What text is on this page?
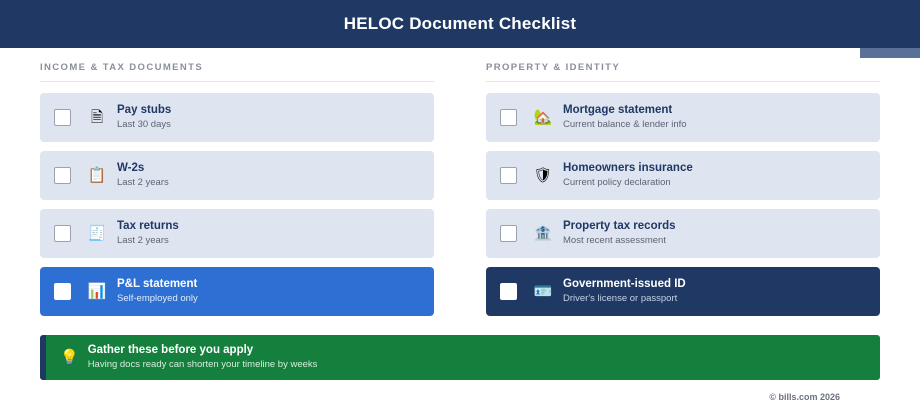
HELOC Document Checklist
INCOME & TAX DOCUMENTS
🗎	Pay stubs
Last 30 days
📋 W-2s
Last 2 years
🧾 Tax returns
Last 2 years
📊 P&L statement
Self-employed only
PROPERTY & IDENTITY
🏡 Mortgage statement
Current balance & lender info
🛡 Homeowners insurance
Current policy declaration
🏦 Property tax records
Most recent assessment
🪪 Government-issued ID
Driver's license or passport
💡 Gather these before you apply
Having docs ready can shorten your timeline by weeks
© bills.com 2026
